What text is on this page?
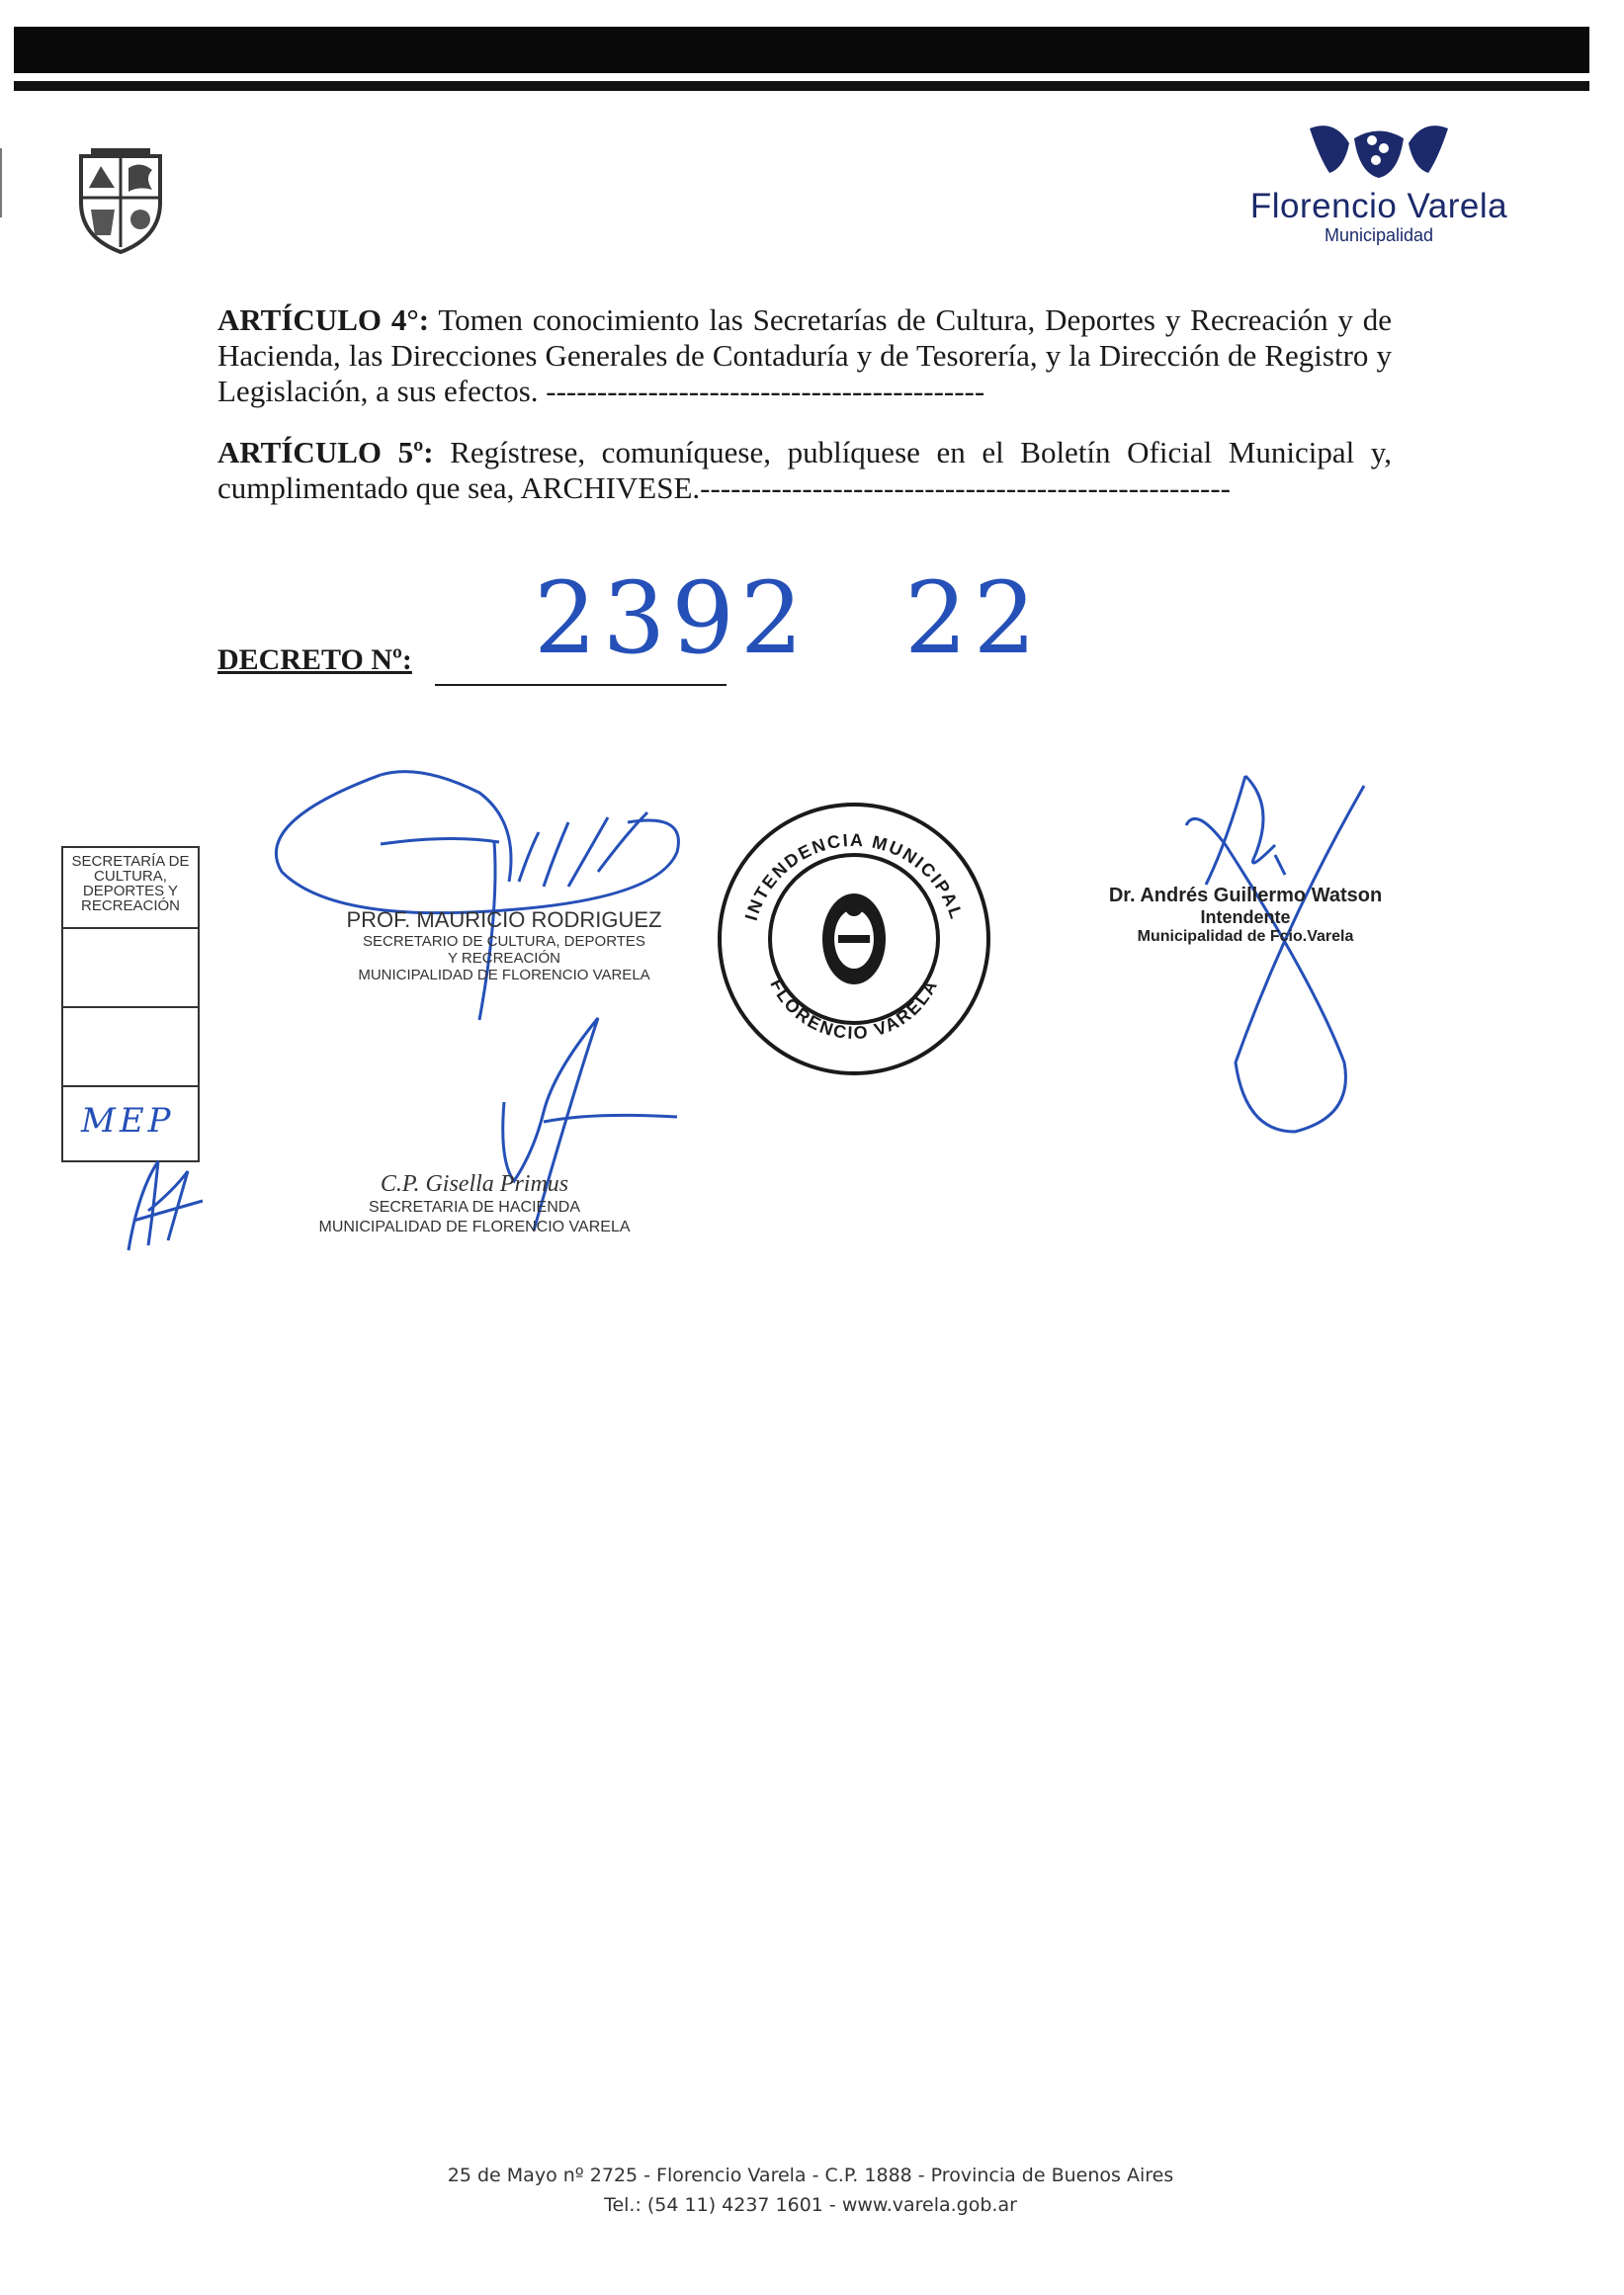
Florencio Varela
Municipalidad
ARTÍCULO 4°: Tomen conocimiento las Secretarías de Cultura, Deportes y Recreación y de Hacienda, las Direcciones Generales de Contaduría y de Tesorería, y la Dirección de Registro y Legislación, a sus efectos. -------------------------------------------
ARTÍCULO 5º: Regístrese, comuníquese, publíquese en el Boletín Oficial Municipal y, cumplimentado que sea, ARCHIVESE.----------------------------------------------------
DECRETO Nº: 2392 22
SECRETARÍA DE CULTURA, DEPORTES Y RECREACIÓN
MEP
PROF. MAURICIO RODRIGUEZ
SECRETARIO DE CULTURA, DEPORTES
Y RECREACIÓN
MUNICIPALIDAD DE FLORENCIO VARELA
INTENDENCIA MUNICIPAL
FLORENCIO VARELA
Dr. Andrés Guillermo Watson
Intendente
Municipalidad de Fcio.Varela
C.P. Gisella Primus
SECRETARIA DE HACIENDA
MUNICIPALIDAD DE FLORENCIO VARELA
25 de Mayo nº 2725 - Florencio Varela - C.P. 1888 - Provincia de Buenos Aires
Tel.: (54 11) 4237 1601 - www.varela.gob.ar
